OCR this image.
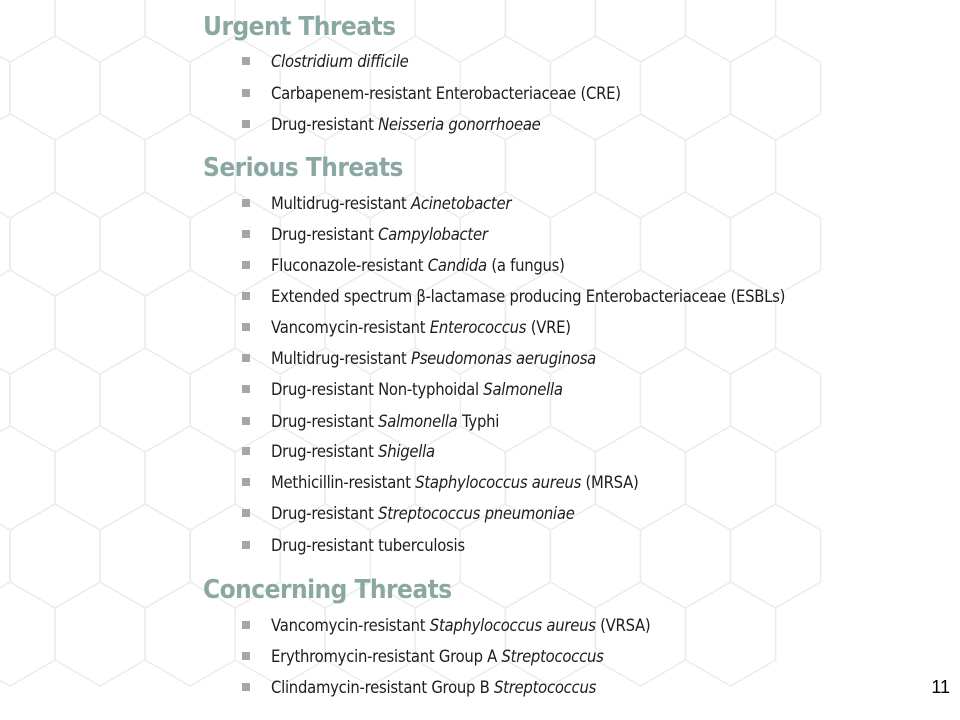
Urgent Threats
Clostridium difficile
Carbapenem-resistant Enterobacteriaceae (CRE)
Drug-resistant Neisseria gonorrhoeae
Serious Threats
Multidrug-resistant Acinetobacter
Drug-resistant Campylobacter
Fluconazole-resistant Candida (a fungus)
Extended spectrum β-lactamase producing Enterobacteriaceae (ESBLs)
Vancomycin-resistant Enterococcus (VRE)
Multidrug-resistant Pseudomonas aeruginosa
Drug-resistant Non-typhoidal Salmonella
Drug-resistant Salmonella Typhi
Drug-resistant Shigella
Methicillin-resistant Staphylococcus aureus (MRSA)
Drug-resistant Streptococcus pneumoniae
Drug-resistant tuberculosis
Concerning Threats
Vancomycin-resistant Staphylococcus aureus (VRSA)
Erythromycin-resistant Group A Streptococcus
Clindamycin-resistant Group B Streptococcus	11
